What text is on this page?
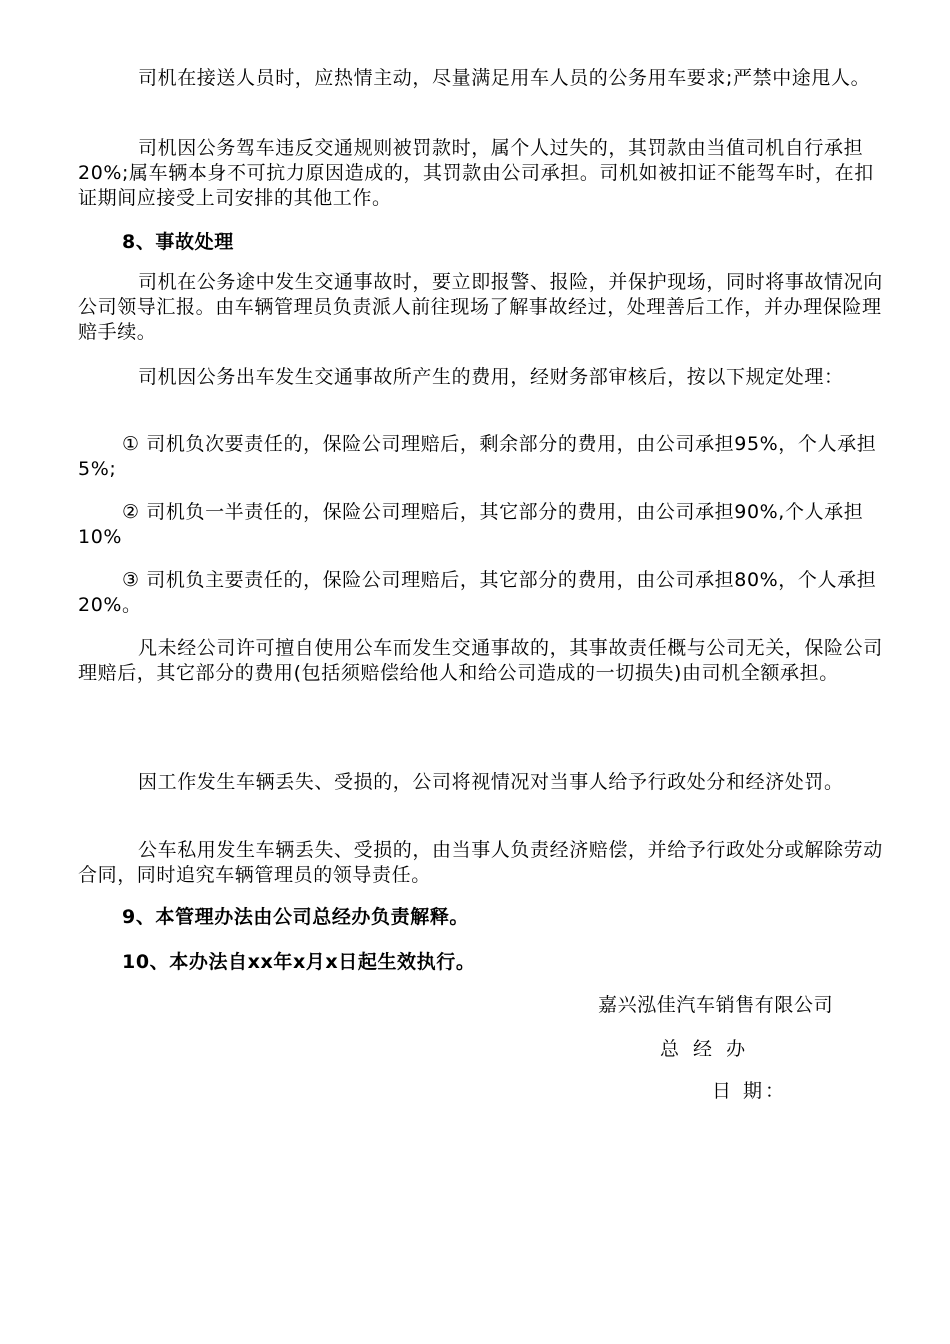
司机在接送人员时，应热情主动，尽量满足用车人员的公务用车要求;严禁中途甩人。

司机因公务驾车违反交通规则被罚款时，属个人过失的，其罚款由当值司机自行承担20%;属车辆本身不可抗力原因造成的，其罚款由公司承担。司机如被扣证不能驾车时，在扣证期间应接受上司安排的其他工作。

8、事故处理

司机在公务途中发生交通事故时，要立即报警、报险，并保护现场，同时将事故情况向公司领导汇报。由车辆管理员负责派人前往现场了解事故经过，处理善后工作，并办理保险理赔手续。

司机因公务出车发生交通事故所产生的费用，经财务部审核后，按以下规定处理：

① 司机负次要责任的，保险公司理赔后，剩余部分的费用，由公司承担95%，个人承担5%;

② 司机负一半责任的，保险公司理赔后，其它部分的费用，由公司承担90%,个人承担10%

③ 司机负主要责任的，保险公司理赔后，其它部分的费用，由公司承担80%，个人承担20%。

凡未经公司许可擅自使用公车而发生交通事故的，其事故责任概与公司无关，保险公司理赔后，其它部分的费用(包括须赔偿给他人和给公司造成的一切损失)由司机全额承担。

因工作发生车辆丢失、受损的，公司将视情况对当事人给予行政处分和经济处罚。

公车私用发生车辆丢失、受损的，由当事人负责经济赔偿，并给予行政处分或解除劳动合同，同时追究车辆管理员的领导责任。

9、本管理办法由公司总经办负责解释。

10、本办法自xx年x月x日起生效执行。

嘉兴泓佳汽车销售有限公司

总 经 办

日 期：
